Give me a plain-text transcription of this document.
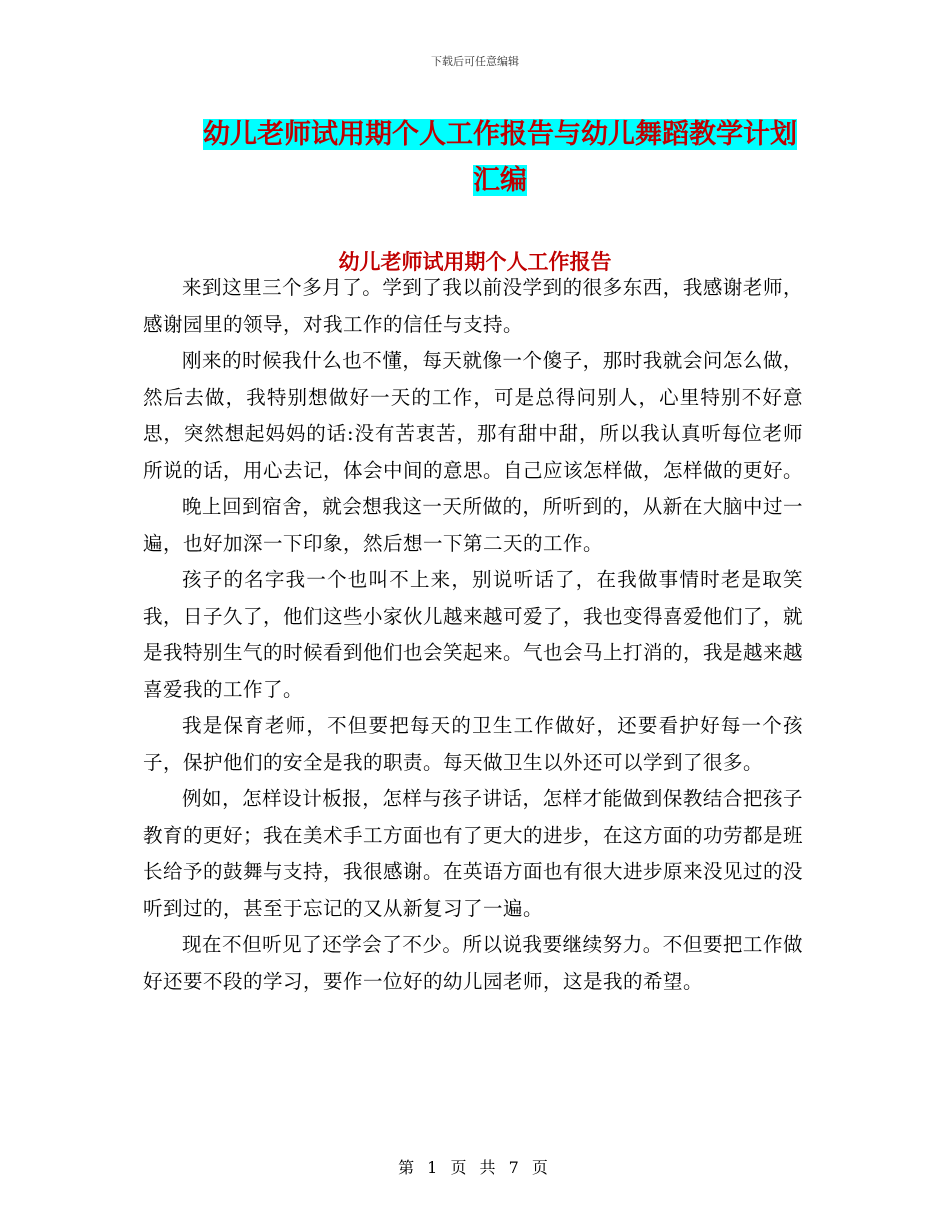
下载后可任意编辑
幼儿老师试用期个人工作报告与幼儿舞蹈教学计划汇编
幼儿老师试用期个人工作报告

来到这里三个多月了。学到了我以前没学到的很多东西，我感谢老师，感谢园里的领导，对我工作的信任与支持。

刚来的时候我什么也不懂，每天就像一个傻子，那时我就会问怎么做，然后去做，我特别想做好一天的工作，可是总得问别人，心里特别不好意思，突然想起妈妈的话:没有苦衷苦，那有甜中甜，所以我认真听每位老师所说的话，用心去记，体会中间的意思。自己应该怎样做，怎样做的更好。

晚上回到宿舍，就会想我这一天所做的，所听到的，从新在大脑中过一遍，也好加深一下印象，然后想一下第二天的工作。

孩子的名字我一个也叫不上来，别说听话了，在我做事情时老是取笑我，日子久了，他们这些小家伙儿越来越可爱了，我也变得喜爱他们了，就是我特别生气的时候看到他们也会笑起来。气也会马上打消的，我是越来越喜爱我的工作了。

我是保育老师，不但要把每天的卫生工作做好，还要看护好每一个孩子，保护他们的安全是我的职责。每天做卫生以外还可以学到了很多。

例如，怎样设计板报，怎样与孩子讲话，怎样才能做到保教结合把孩子教育的更好；我在美术手工方面也有了更大的进步，在这方面的功劳都是班长给予的鼓舞与支持，我很感谢。在英语方面也有很大进步原来没见过的没听到过的，甚至于忘记的又从新复习了一遍。

现在不但听见了还学会了不少。所以说我要继续努力。不但要把工作做好还要不段的学习，要作一位好的幼儿园老师，这是我的希望。

第 1 页 共 7 页
